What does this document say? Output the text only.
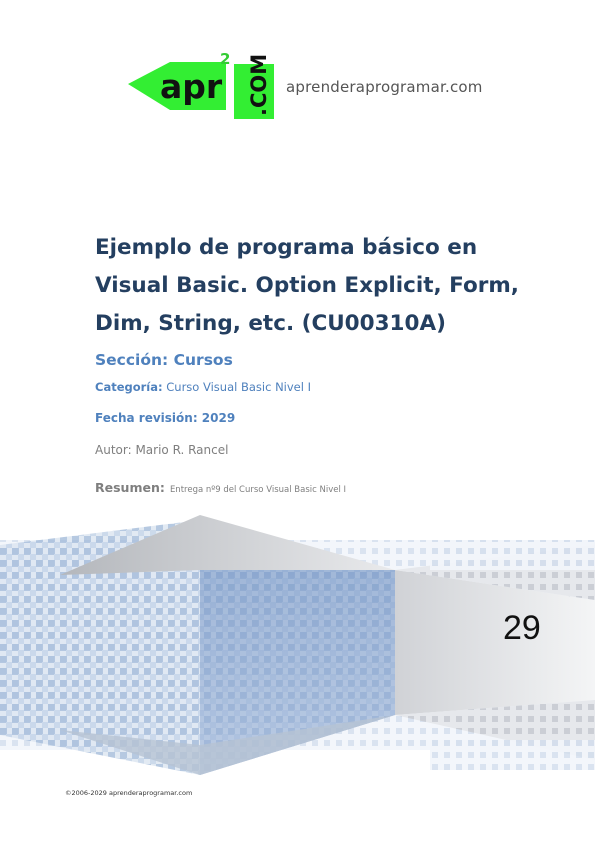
apr
2 .COM aprenderaprogramar.com
Ejemplo de programa básico en Visual Basic. Option Explicit, Form, Dim, String, etc. (CU00310A)
Sección: Cursos
Categoría: Curso Visual Basic Nivel I
Fecha revisión: 2029
Autor: Mario R. Rancel
Resumen: Entrega nº9 del Curso Visual Basic Nivel I
29
©2006-2029 aprenderaprogramar.com
